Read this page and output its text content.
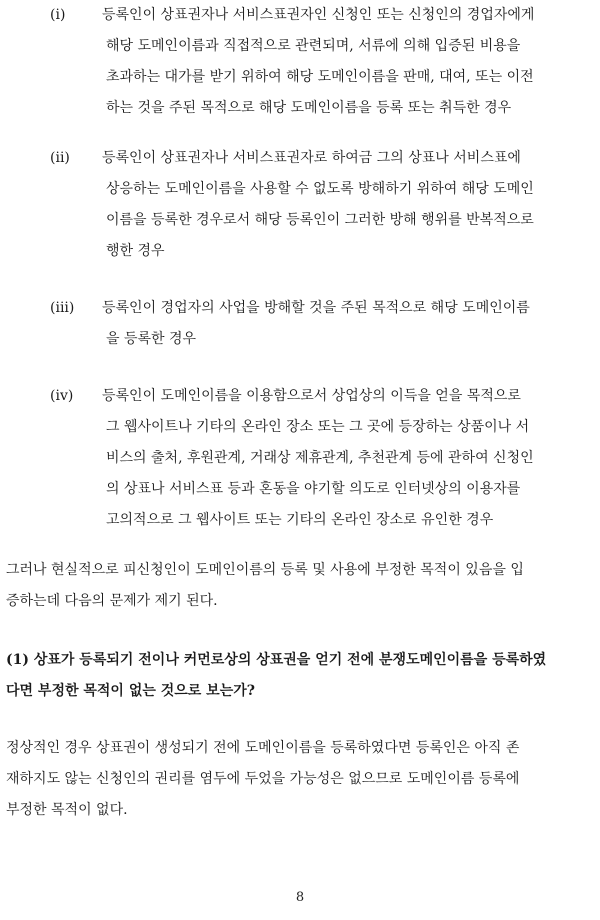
(i)	등록인이 상표권자나 서비스표권자인 신청인 또는 신청인의 경업자에게
해당 도메인이름과 직접적으로 관련되며, 서류에 의해 입증된 비용을
초과하는 대가를 받기 위하여 해당 도메인이름을 판매, 대여, 또는 이전
하는 것을 주된 목적으로 해당 도메인이름을 등록 또는 취득한 경우
(ii) 등록인이 상표권자나 서비스표권자로 하여금 그의 상표나 서비스표에
상응하는 도메인이름을 사용할 수 없도록 방해하기 위하여 해당 도메인
이름을 등록한 경우로서 해당 등록인이 그러한 방해 행위를 반복적으로
행한 경우
(iii) 등록인이 경업자의 사업을 방해할 것을 주된 목적으로 해당 도메인이름
을 등록한 경우
(iv) 등록인이 도메인이름을 이용함으로서 상업상의 이득을 얻을 목적으로
그 웹사이트나 기타의 온라인 장소 또는 그 곳에 등장하는 상품이나 서
비스의 출처, 후원관계, 거래상 제휴관계, 추천관계 등에 관하여 신청인
의 상표나 서비스표 등과 혼동을 야기할 의도로 인터넷상의 이용자를
고의적으로 그 웹사이트 또는 기타의 온라인 장소로 유인한 경우
그러나 현실적으로 피신청인이 도메인이름의 등록 및 사용에 부정한 목적이 있음을 입
증하는데 다음의 문제가 제기 된다.
(1) 상표가 등록되기 전이나 커먼로상의 상표권을 얻기 전에 분쟁도메인이름을 등록하였
다면 부정한 목적이 없는 것으로 보는가?
정상적인 경우 상표권이 생성되기 전에 도메인이름을 등록하였다면 등록인은 아직 존
재하지도 않는 신청인의 권리를 염두에 두었을 가능성은 없으므로 도메인이름 등록에
부정한 목적이 없다.
8
